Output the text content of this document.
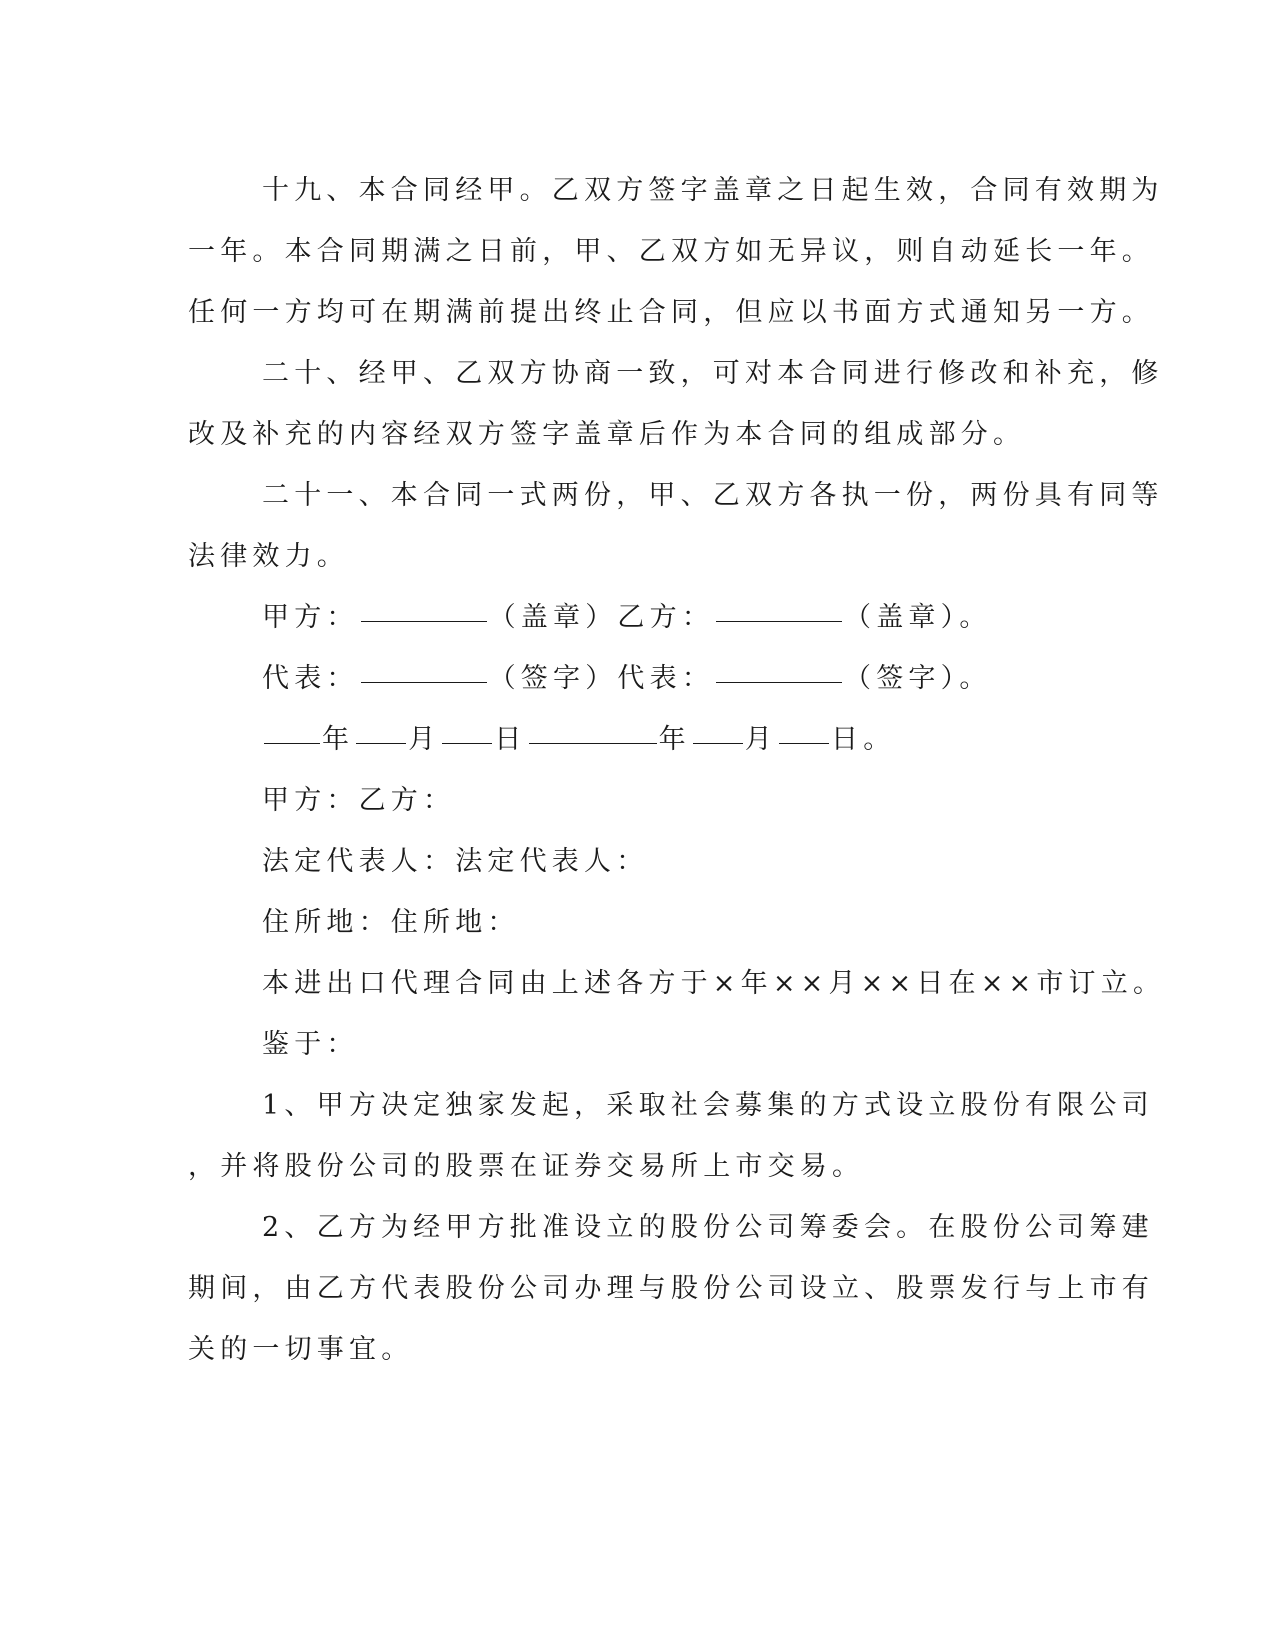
十九、本合同经甲。乙双方签字盖章之日起生效，合同有效期为
一年。本合同期满之日前，甲、乙双方如无异议，则自动延长一年。
任何一方均可在期满前提出终止合同，但应以书面方式通知另一方。
二十、经甲、乙双方协商一致，可对本合同进行修改和补充，修
改及补充的内容经双方签字盖章后作为本合同的组成部分。
二十一、本合同一式两份，甲、乙双方各执一份，两份具有同等
法律效力。
甲方：	（盖章）乙方：	（盖章）。
代表：	（签字）代表：	（签字）。
年 月 日	年 月 日。
甲方：乙方：
法定代表人：法定代表人：
住所地：住所地：
本进出口代理合同由上述各方于×年××月××日在××市订立。
鉴于：
1、甲方决定独家发起，采取社会募集的方式设立股份有限公司
，并将股份公司的股票在证券交易所上市交易。
2、乙方为经甲方批准设立的股份公司筹委会。在股份公司筹建
期间，由乙方代表股份公司办理与股份公司设立、股票发行与上市有
关的一切事宜。
